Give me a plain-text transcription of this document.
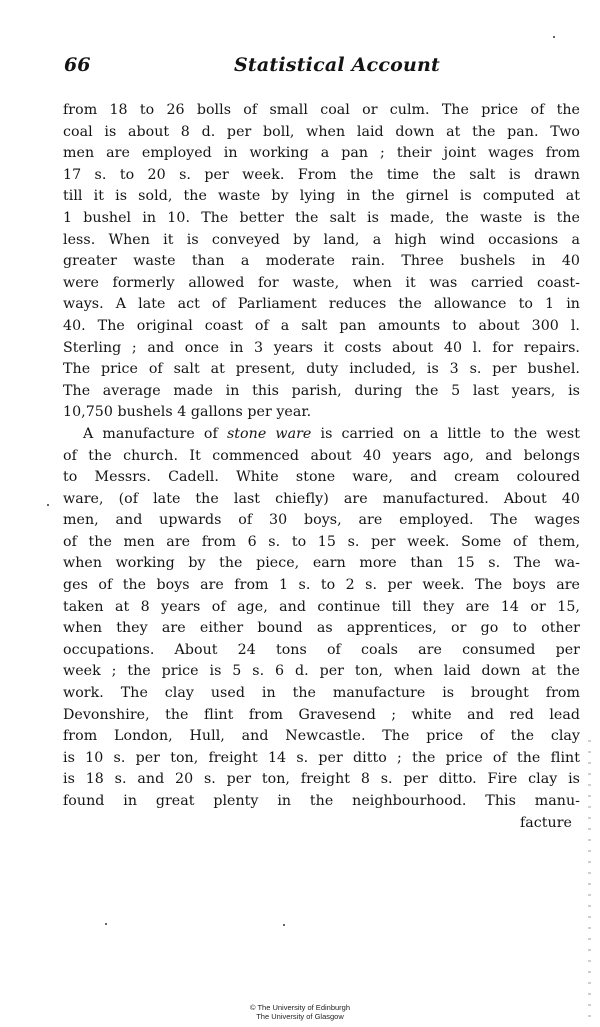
66	Statistical Account
from 18 to 26 bolls of small coal or culm. The price of the
coal is about 8 d. per boll, when laid down at the pan. Two
men are employed in working a pan ; their joint wages from
17 s. to 20 s. per week. From the time the salt is drawn
till it is sold, the waste by lying in the girnel is computed at
1 bushel in 10. The better the salt is made, the waste is the
less. When it is conveyed by land, a high wind occasions a
greater waste than a moderate rain. Three bushels in 40
were formerly allowed for waste, when it was carried coast-
ways. A late act of Parliament reduces the allowance to 1 in
40. The original coast of a salt pan amounts to about 300 l.
Sterling ; and once in 3 years it costs about 40 l. for repairs.
The price of salt at present, duty included, is 3 s. per bushel.
The average made in this parish, during the 5 last years, is
10,750 bushels 4 gallons per year.
A manufacture of stone ware is carried on a little to the west
of the church. It commenced about 40 years ago, and belongs
to Messrs. Cadell. White stone ware, and cream coloured
ware, (of late the last chiefly) are manufactured. About 40
men, and upwards of 30 boys, are employed. The wages
of the men are from 6 s. to 15 s. per week. Some of them,
when working by the piece, earn more than 15 s. The wa-
ges of the boys are from 1 s. to 2 s. per week. The boys are
taken at 8 years of age, and continue till they are 14 or 15,
when they are either bound as apprentices, or go to other
occupations. About 24 tons of coals are consumed per
week ; the price is 5 s. 6 d. per ton, when laid down at the
work. The clay used in the manufacture is brought from
Devonshire, the flint from Gravesend ; white and red lead
from London, Hull, and Newcastle. The price of the clay
is 10 s. per ton, freight 14 s. per ditto ; the price of the flint
is 18 s. and 20 s. per ton, freight 8 s. per ditto. Fire clay is
found in great plenty in the neighbourhood. This manu-
facture
© The University of Edinburgh
The University of Glasgow
